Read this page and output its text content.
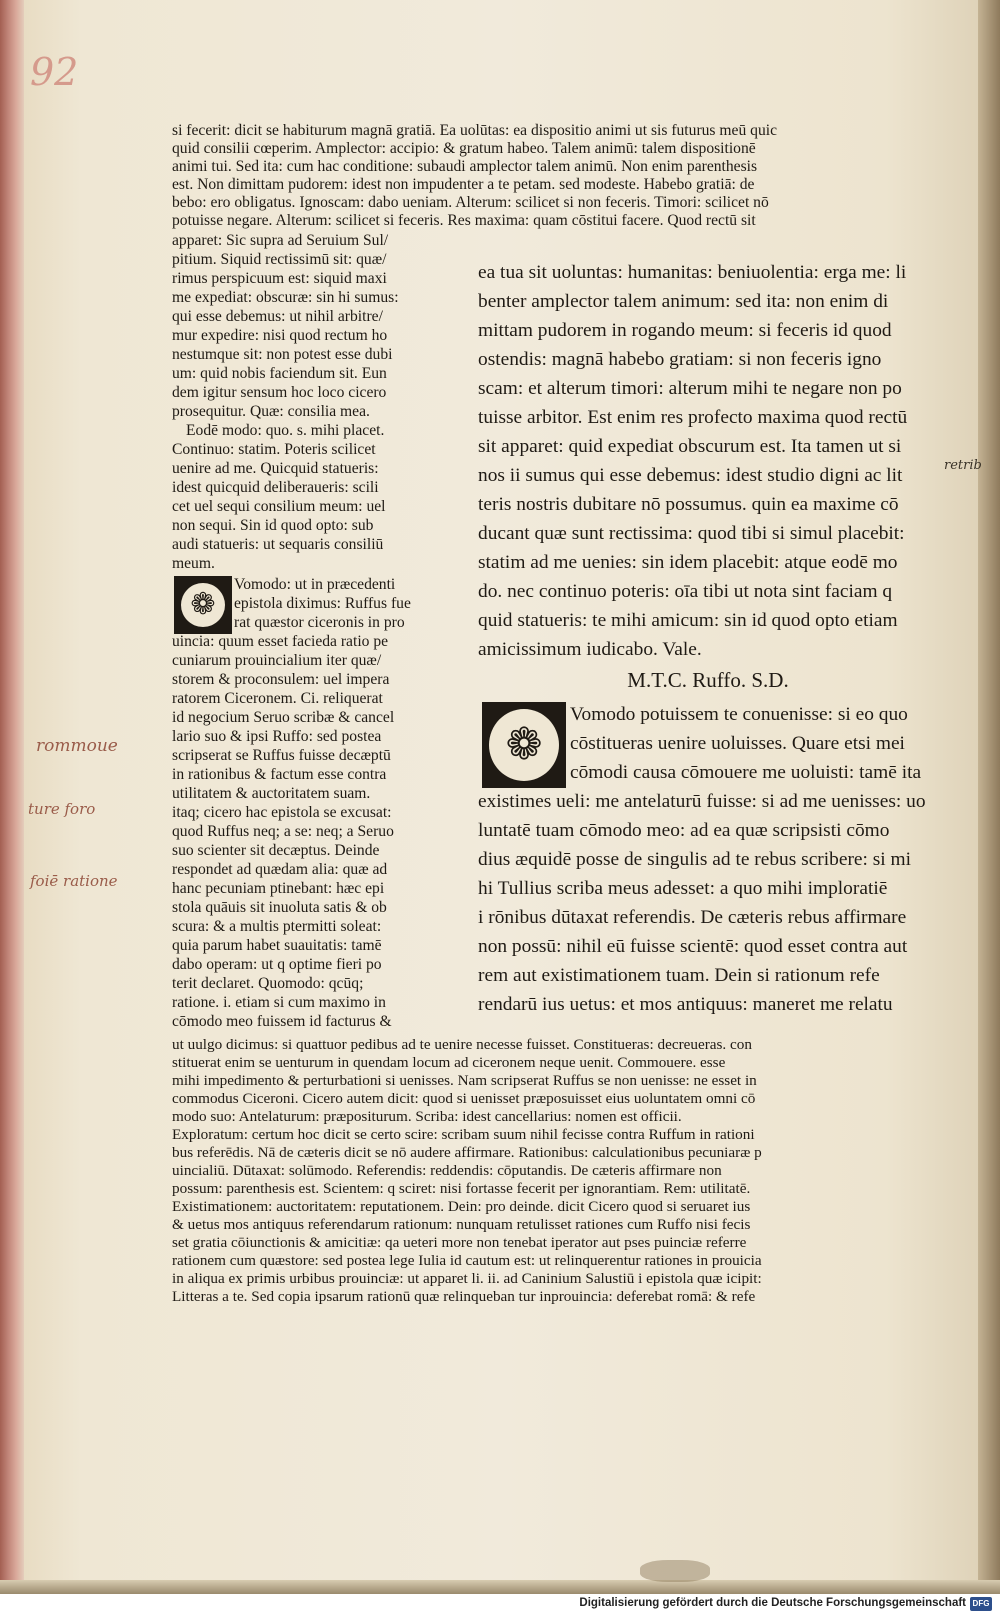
92
si fecerit: dicit se habiturum magnā gratiā. Ea uolūtas: ea dispositio animi ut sis futurus meū quic
quid consilii cœperim. Amplector: accipio: & gratum habeo. Talem animū: talem dispositionē
animi tui. Sed ita: cum hac conditione: subaudi amplector talem animū. Non enim parenthesis
est. Non dimittam pudorem: idest non impudenter a te petam. sed modeste. Habebo gratiā: de
bebo: ero obligatus. Ignoscam: dabo ueniam. Alterum: scilicet si non feceris. Timori: scilicet nō
potuisse negare. Alterum: scilicet si feceris. Res maxima: quam cōstitui facere. Quod rectū sit
apparet: Sic supra ad Seruium Sul/
pitium. Siquid rectissimū sit: quæ/
rimus perspicuum est: siquid maxi
me expediat: obscuræ: sin hi sumus:
qui esse debemus: ut nihil arbitre/
mur expedire: nisi quod rectum ho
nestumque sit: non potest esse dubi
um: quid nobis faciendum sit. Eun
dem igitur sensum hoc loco cicero
prosequitur. Quæ: consilia mea.
Eodē modo: quo. s. mihi placet.
Continuo: statim. Poteris scilicet
uenire ad me. Quicquid statueris:
idest quicquid deliberaueris: scili
cet uel sequi consilium meum: uel
non sequi. Sin id quod opto: sub
audi statueris: ut sequaris consiliū
meum.
❁
Vomodo: ut in præcedenti
epistola diximus: Ruffus fue
rat quæstor ciceronis in pro
uincia: quum esset facieda ratio pe
cuniarum prouincialium iter quæ/
storem & proconsulem: uel impera
ratorem Ciceronem. Ci. reliquerat
id negocium Seruo scribæ & cancel
lario suo & ipsi Ruffo: sed postea
scripserat se Ruffus fuisse decæptū
in rationibus & factum esse contra
utilitatem & auctoritatem suam.
itaq; cicero hac epistola se excusat:
quod Ruffus neq; a se: neq; a Seruo
suo scienter sit decæptus. Deinde
respondet ad quædam alia: quæ ad
hanc pecuniam ptinebant: hæc epi
stola quāuis sit inuoluta satis & ob
scura: & a multis ptermitti soleat:
quia parum habet suauitatis: tamē
dabo operam: ut q optime fieri po
terit declaret. Quomodo: qcūq;
ratione. i. etiam si cum maximo in
cōmodo meo fuissem id facturus &
ea tua sit uoluntas: humanitas: beniuolentia: erga me: li
benter amplector talem animum: sed ita: non enim di
mittam pudorem in rogando meum: si feceris id quod
ostendis: magnā habebo gratiam: si non feceris igno
scam: et alterum timori: alterum mihi te negare non po
tuisse arbitor. Est enim res profecto maxima quod rectū
sit apparet: quid expediat obscurum est. Ita tamen ut si
nos ii sumus qui esse debemus: idest studio digni ac lit
teris nostris dubitare nō possumus. quin ea maxime cō
ducant quæ sunt rectissima: quod tibi si simul placebit:
statim ad me uenies: sin idem placebit: atque eodē mo
do. nec continuo poteris: oīa tibi ut nota sint faciam q
quid statueris: te mihi amicum: sin id quod opto etiam
amicissimum iudicabo. Vale.
M.T.C. Ruffo. S.D.
❁
Vomodo potuissem te conuenisse: si eo quo
cōstitueras uenire uoluisses. Quare etsi mei
cōmodi causa cōmouere me uoluisti: tamē ita
existimes ueli: me antelaturū fuisse: si ad me uenisses: uo
luntatē tuam cōmodo meo: ad ea quæ scripsisti cōmo
dius æquidē posse de singulis ad te rebus scribere: si mi
hi Tullius scriba meus adesset: a quo mihi imploratiē
i rōnibus dūtaxat referendis. De cæteris rebus affirmare
non possū: nihil eū fuisse scientē: quod esset contra aut
rem aut existimationem tuam. Dein si rationum refe
rendarū ius uetus: et mos antiquus: maneret me relatu
ut uulgo dicimus: si quattuor pedibus ad te uenire necesse fuisset. Constitueras: decreueras. con
stituerat enim se uenturum in quendam locum ad ciceronem neque uenit. Commouere. esse
mihi impedimento & perturbationi si uenisses. Nam scripserat Ruffus se non uenisse: ne esset in
commodus Ciceroni. Cicero autem dicit: quod si uenisset præposuisset eius uoluntatem omni cō
modo suo: Antelaturum: præpositurum. Scriba: idest cancellarius: nomen est officii.
Exploratum: certum hoc dicit se certo scire: scribam suum nihil fecisse contra Ruffum in rationi
bus referēdis. Nā de cæteris dicit se nō audere affirmare. Rationibus: calculationibus pecuniaræ p
uincialiū. Dūtaxat: solūmodo. Referendis: reddendis: cōputandis. De cæteris affirmare non
possum: parenthesis est. Scientem: q sciret: nisi fortasse fecerit per ignorantiam. Rem: utilitatē.
Existimationem: auctoritatem: reputationem. Dein: pro deinde. dicit Cicero quod si seruaret ius
& uetus mos antiquus referendarum rationum: nunquam retulisset rationes cum Ruffo nisi fecis
set gratia cōiunctionis & amicitiæ: qa ueteri more non tenebat iperator aut pses puinciæ referre
rationem cum quæstore: sed postea lege Iulia id cautum est: ut relinquerentur rationes in prouicia
in aliqua ex primis urbibus prouinciæ: ut apparet li. ii. ad Caninium Salustiū i epistola quæ icipit:
Litteras a te. Sed copia ipsarum rationū quæ relinqueban tur inprouincia: deferebat romā: & refe
rommoue
ture foro
foiē ratione
retrib
Digitalisierung gefördert durch die Deutsche Forschungsgemeinschaft DFG
